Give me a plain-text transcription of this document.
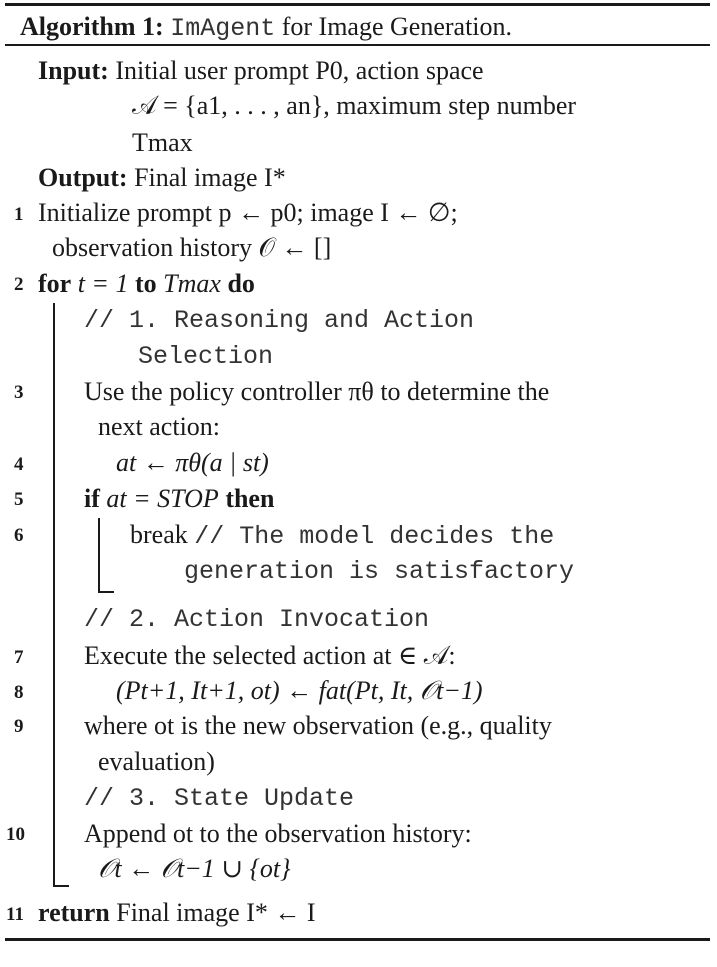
Algorithm 1: ImAgent for Image Generation.
Input: Initial user prompt P0, action space
𝒜 = {a1, . . . , an}, maximum step number
Tmax
Output: Final image I*
1
2
3
4
5
6
7
8
9
10
11
Initialize prompt p ← p0; image I ← ∅;
observation history 𝒪 ← []
for t = 1 to Tmax do
// 1. Reasoning and Action
Selection
Use the policy controller πθ to determine the
next action:
at ← πθ(a | st)
if at = STOP then
break // The model decides the
generation is satisfactory
// 2. Action Invocation
Execute the selected action at ∈ 𝒜:
(Pt+1, It+1, ot) ← fat(Pt, It, 𝒪t−1)
where ot is the new observation (e.g., quality
evaluation)
// 3. State Update
Append ot to the observation history:
𝒪t ← 𝒪t−1 ∪ {ot}
return Final image I* ← I
